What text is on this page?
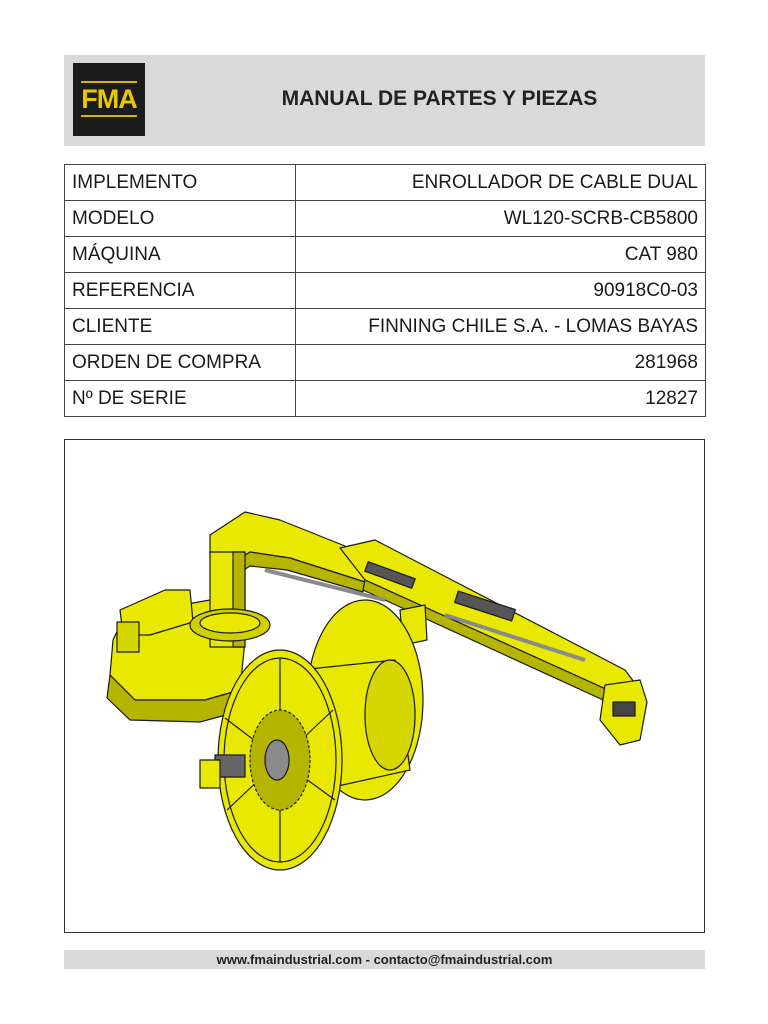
FMA	MANUAL DE PARTES Y PIEZAS
IMPLEMENTO	ENROLLADOR DE CABLE DUAL
MODELO	WL120-SCRB-CB5800
MÁQUINA	CAT 980
REFERENCIA	90918C0-03
CLIENTE	FINNING CHILE S.A. - LOMAS BAYAS
ORDEN DE COMPRA	281968
Nº DE SERIE	12827
www.fmaindustrial.com - contacto@fmaindustrial.com
